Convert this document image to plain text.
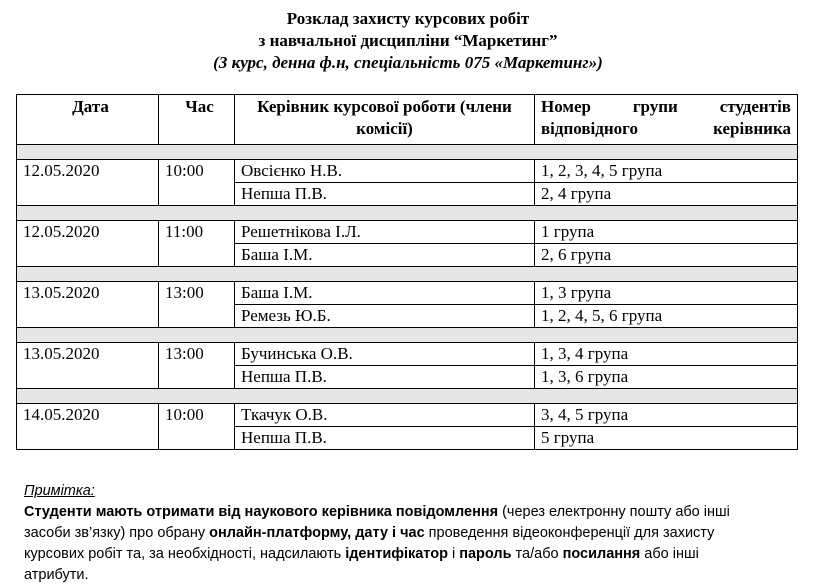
Розклад захисту курсових робіт
з навчальної дисципліни “Маркетинг”
(3 курс, денна ф.н, спеціальність 075 «Маркетинг»)
Дата	Час	Керівник курсової роботи (члени комісії)	Номер групи студентів відповідного керівника

12.05.2020	10:00	Овсієнко Н.В.	1, 2, 3, 4, 5 група
		Непша П.В.	2, 4 група

12.05.2020	11:00	Решетнікова І.Л.	1 група
		Баша І.М.	2, 6 група

13.05.2020	13:00	Баша І.М.	1, 3 група
		Ремезь Ю.Б.	1, 2, 4, 5, 6 група

13.05.2020	13:00	Бучинська О.В.	1, 3, 4 група
		Непша П.В.	1, 3, 6 група

14.05.2020	10:00	Ткачук О.В.	3, 4, 5 група
		Непша П.В.	5 група
Примітка:
Студенти мають отримати від наукового керівника повідомлення (через електронну пошту або інші засоби зв’язку) про обрану онлайн-платформу, дату і час проведення відеоконференції для захисту курсових робіт та, за необхідності, надсилають ідентифікатор і пароль та/або посилання або інші атрибути.
